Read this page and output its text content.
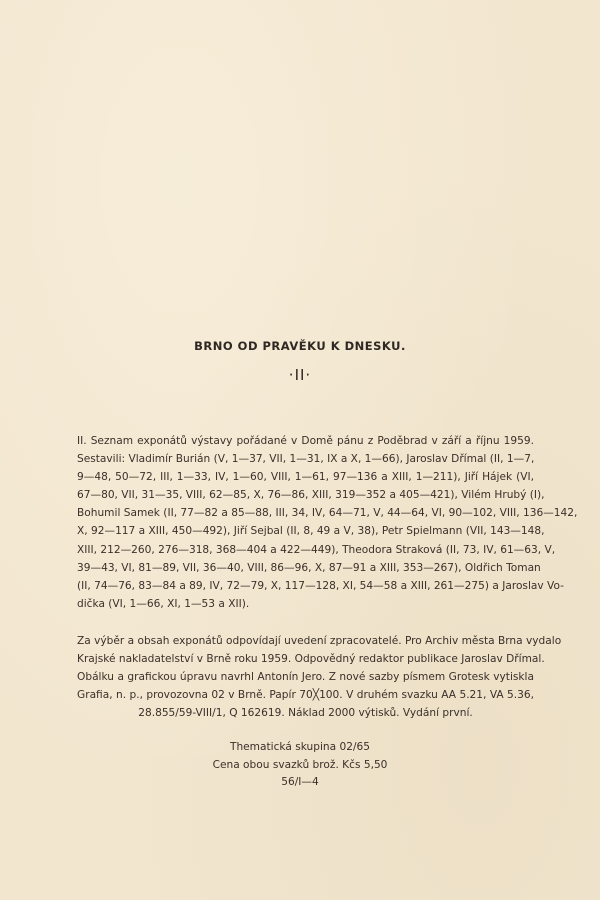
BRNO OD PRAVĚKU K DNESKU.
·II·
II. Seznam exponátů výstavy pořádané v Domě pánu z Poděbrad v září a říjnu 1959.
Sestavili: Vladimír Burián (V, 1—37, VII, 1—31, IX a X, 1—66), Jaroslav Dřímal (II, 1—7,
9—48, 50—72, III, 1—33, IV, 1—60, VIII, 1—61, 97—136 a XIII, 1—211), Jiří Hájek (VI,
67—80, VII, 31—35, VIII, 62—85, X, 76—86, XIII, 319—352 a 405—421), Vilém Hrubý (I),
Bohumil Samek (II, 77—82 a 85—88, III, 34, IV, 64—71, V, 44—64, VI, 90—102, VIII, 136—142,
X, 92—117 a XIII, 450—492), Jiří Sejbal (II, 8, 49 a V, 38), Petr Spielmann (VII, 143—148,
XIII, 212—260, 276—318, 368—404 a 422—449), Theodora Straková (II, 73, IV, 61—63, V,
39—43, VI, 81—89, VII, 36—40, VIII, 86—96, X, 87—91 a XIII, 353—267), Oldřich Toman
(II, 74—76, 83—84 a 89, IV, 72—79, X, 117—128, XI, 54—58 a XIII, 261—275) a Jaroslav Vo-
dička (VI, 1—66, XI, 1—53 a XII).
Za výběr a obsah exponátů odpovídají uvedení zpracovatelé. Pro Archiv města Brna vydalo
Krajské nakladatelství v Brně roku 1959. Odpovědný redaktor publikace Jaroslav Dřímal.
Obálku a grafickou úpravu navrhl Antonín Jero. Z nové sazby písmem Grotesk vytiskla
Grafia, n. p., provozovna 02 v Brně. Papír 70╳100. V druhém svazku AA 5.21, VA 5.36,
28.855/59-VIII/1, Q 162619. Náklad 2000 výtisků. Vydání první.
Thematická skupina 02/65
Cena obou svazků brož. Kčs 5,50
56/I—4
